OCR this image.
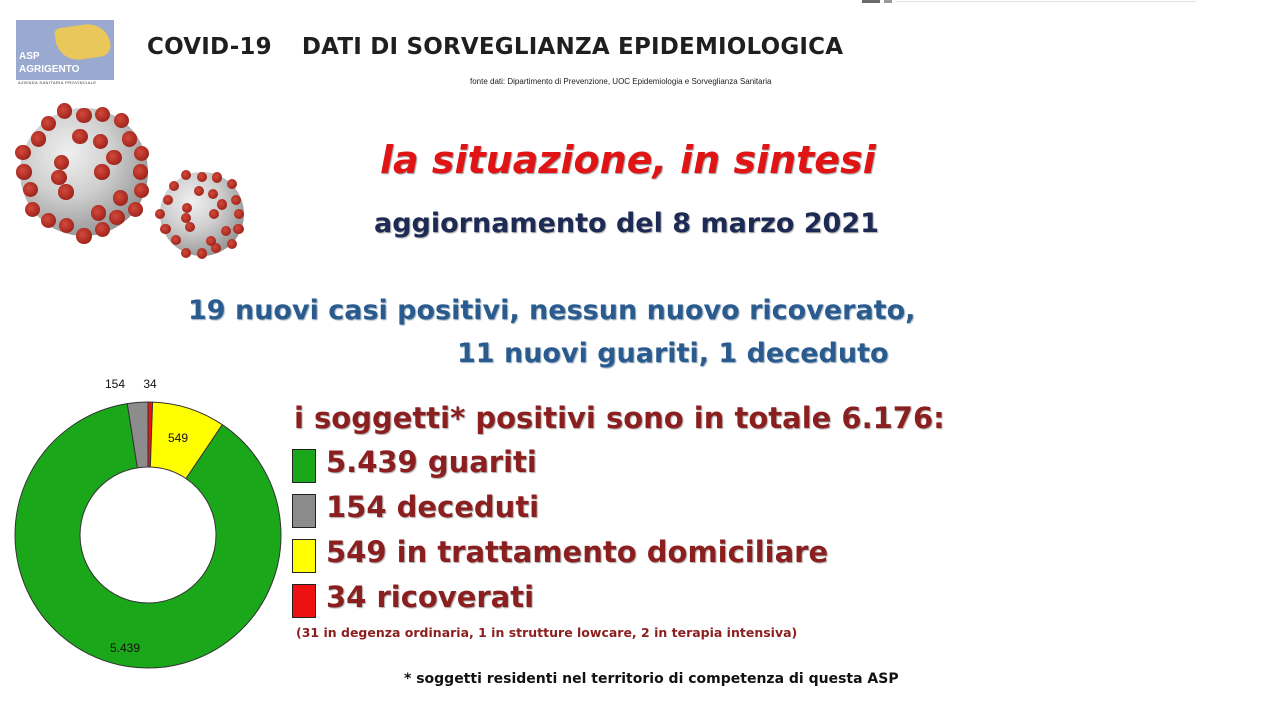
ASP
AGRIGENTO
AZIENDA SANITARIA PROVINCIALE
COVID-19 DATI DI SORVEGLIANZA EPIDEMIOLOGICA
fonte dati: Dipartimento di Prevenzione, UOC Epidemiologia e Sorveglianza Sanitaria
la situazione, in sintesi
aggiornamento del 8 marzo 2021
19 nuovi casi positivi, nessun nuovo ricoverato,
11 nuovi guariti, 1 deceduto
5.439
154
549
34
i soggetti* positivi sono in totale 6.176:
5.439 guariti
154 deceduti
549 in trattamento domiciliare
34 ricoverati
(31 in degenza ordinaria, 1 in strutture lowcare, 2 in terapia intensiva)
* soggetti residenti nel territorio di competenza di questa ASP
